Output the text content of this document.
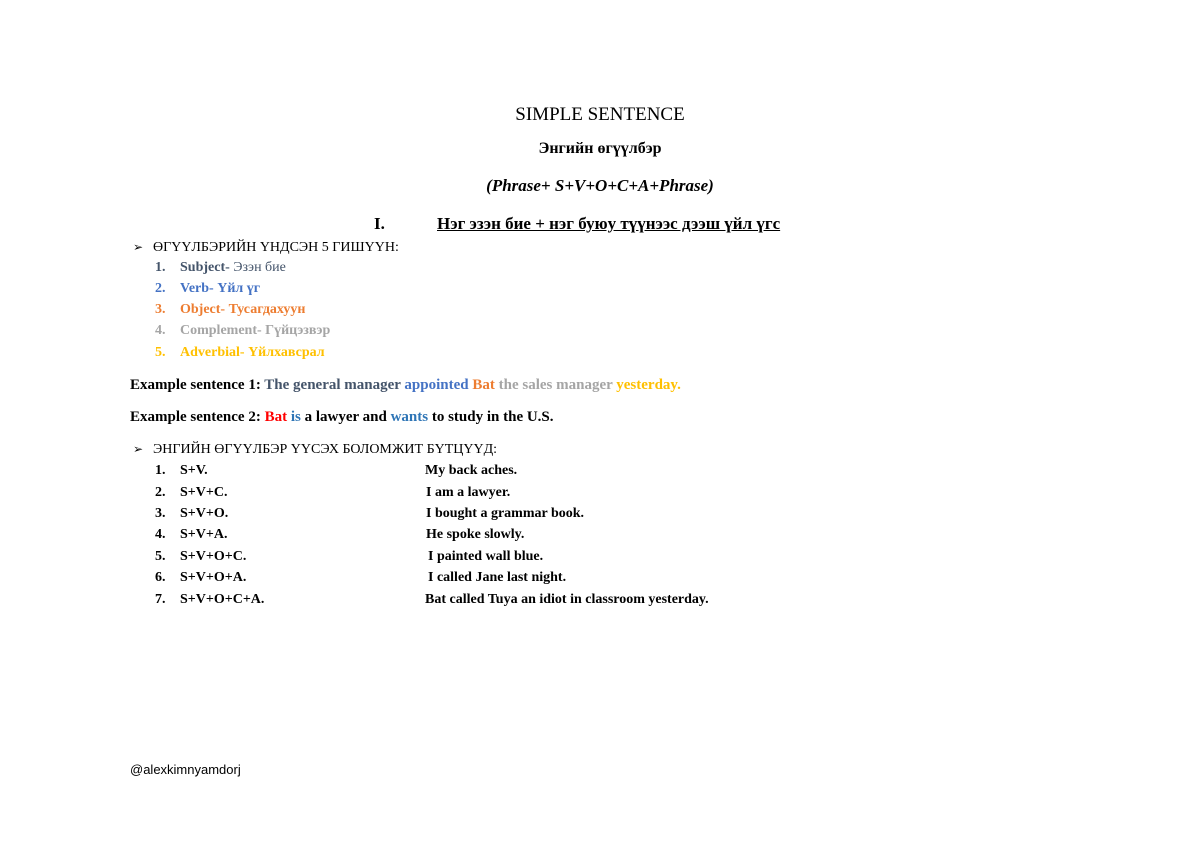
SIMPLE SENTENCE
Энгийн өгүүлбэр
(Phrase+ S+V+O+C+A+Phrase)
I.	Нэг эзэн бие + нэг буюу түүнээс дээш үйл үгс
➢ ӨГҮҮЛБЭРИЙН ҮНДСЭН 5 ГИШҮҮН:
1. Subject- Эзэн бие
2. Verb- Үйл үг
3. Object- Тусагдахуун
4. Complement- Гүйцэзвэр
5. Adverbial- Үйлхавсрал
Example sentence 1: The general manager appointed Bat the sales manager yesterday.
Example sentence 2: Bat is a lawyer and wants to study in the U.S.
➢ ЭНГИЙН ӨГҮҮЛБЭР ҮҮСЭХ БОЛОМЖИТ БҮТЦҮҮД:
1. S+V.	My back aches.
2. S+V+C.	I am a lawyer.
3. S+V+O.	I bought a grammar book.
4. S+V+A.	He spoke slowly.
5. S+V+O+C.	I painted wall blue.
6. S+V+O+A.	I called Jane last night.
7. S+V+O+C+A.	Bat called Tuya an idiot in classroom yesterday.
@alexkimnyamdorj
